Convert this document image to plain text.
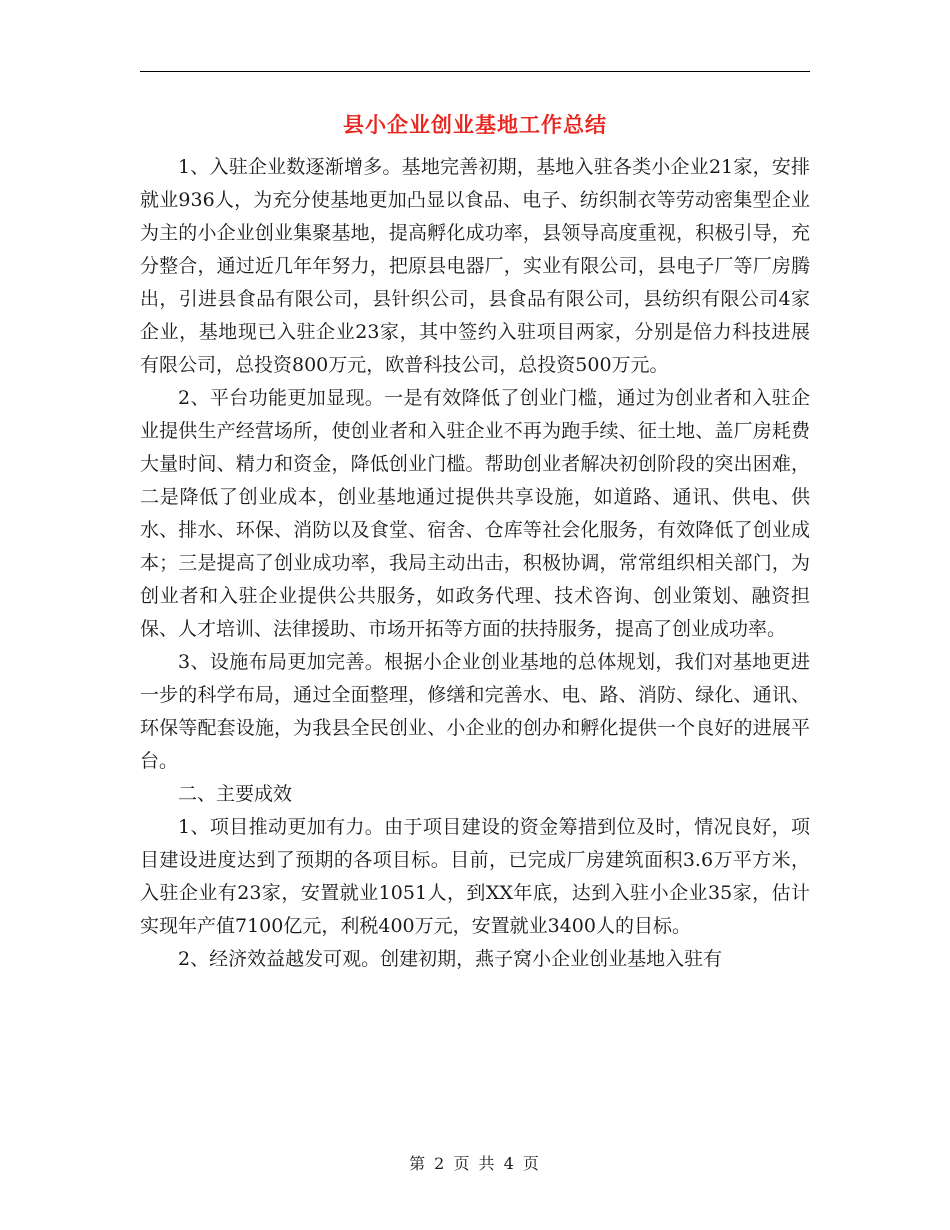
县小企业创业基地工作总结

1、入驻企业数逐渐增多。基地完善初期，基地入驻各类小企业21家，安排就业936人，为充分使基地更加凸显以食品、电子、纺织制衣等劳动密集型企业为主的小企业创业集聚基地，提高孵化成功率，县领导高度重视，积极引导，充分整合，通过近几年年努力，把原县电器厂，实业有限公司，县电子厂等厂房腾出，引进县食品有限公司，县针织公司，县食品有限公司，县纺织有限公司4家企业，基地现已入驻企业23家，其中签约入驻项目两家，分别是倍力科技进展有限公司，总投资800万元，欧普科技公司，总投资500万元。

2、平台功能更加显现。一是有效降低了创业门槛，通过为创业者和入驻企业提供生产经营场所，使创业者和入驻企业不再为跑手续、征土地、盖厂房耗费大量时间、精力和资金，降低创业门槛。帮助创业者解决初创阶段的突出困难，二是降低了创业成本，创业基地通过提供共享设施，如道路、通讯、供电、供水、排水、环保、消防以及食堂、宿舍、仓库等社会化服务，有效降低了创业成本；三是提高了创业成功率，我局主动出击，积极协调，常常组织相关部门，为创业者和入驻企业提供公共服务，如政务代理、技术咨询、创业策划、融资担保、人才培训、法律援助、市场开拓等方面的扶持服务，提高了创业成功率。

3、设施布局更加完善。根据小企业创业基地的总体规划，我们对基地更进一步的科学布局，通过全面整理，修缮和完善水、电、路、消防、绿化、通讯、环保等配套设施，为我县全民创业、小企业的创办和孵化提供一个良好的进展平台。

二、主要成效

1、项目推动更加有力。由于项目建设的资金筹措到位及时，情况良好，项目建设进度达到了预期的各项目标。目前，已完成厂房建筑面积3.6万平方米，入驻企业有23家，安置就业1051人，到XX年底，达到入驻小企业35家，估计实现年产值7100亿元，利税400万元，安置就业3400人的目标。

2、经济效益越发可观。创建初期，燕子窝小企业创业基地入驻有

第 2 页 共 4 页
